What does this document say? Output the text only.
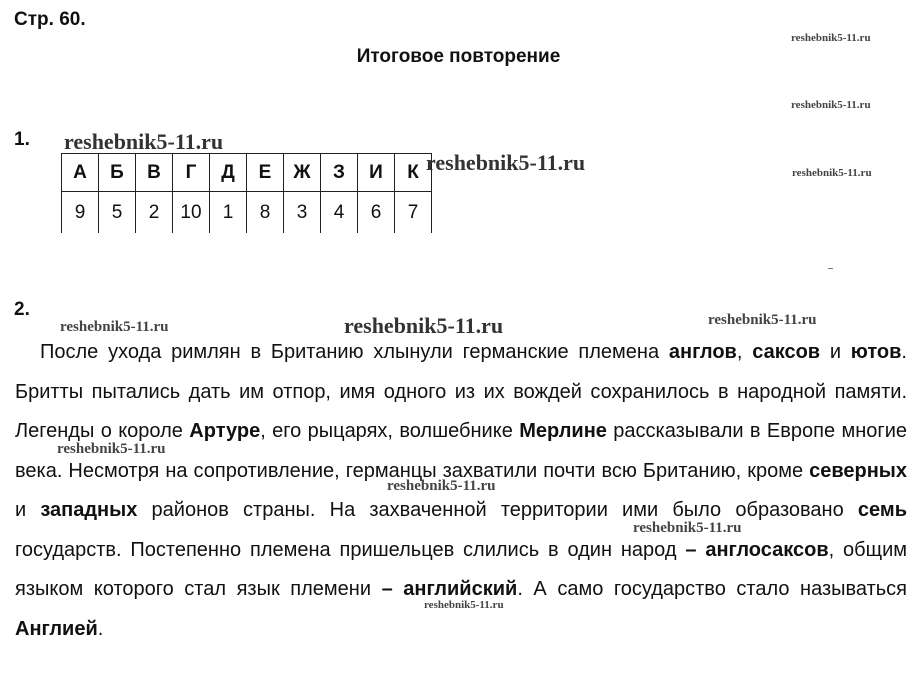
Стр. 60.
Итоговое повторение
1.
А	Б	В	Г	Д	Е	Ж	З	И	К
9	5	2	10	1	8	3	4	6	7
2.
После ухода римлян в Британию хлынули германские племена англов, саксов и ютов. Бритты пытались дать им отпор, имя одного из их вождей сохранилось в народной памяти. Легенды о короле Артуре, его рыцарях, волшебнике Мерлине рассказывали в Европе многие века. Несмотря на сопротивление, германцы захватили почти всю Британию, кроме северных и западных районов страны. На захваченной территории ими было образовано семь государств. Постепенно племена пришельцев слились в один народ – англосаксов, общим языком которого стал язык племени – английский. А само государство стало называться Англией.
reshebnik5-11.ru
reshebnik5-11.ru
reshebnik5-11.ru
reshebnik5-11.ru
reshebnik5-11.ru
reshebnik5-11.ru	reshebnik5-11.ru	reshebnik5-11.ru
reshebnik5-11.ru
reshebnik5-11.ru
reshebnik5-11.ru
reshebnik5-11.ru
